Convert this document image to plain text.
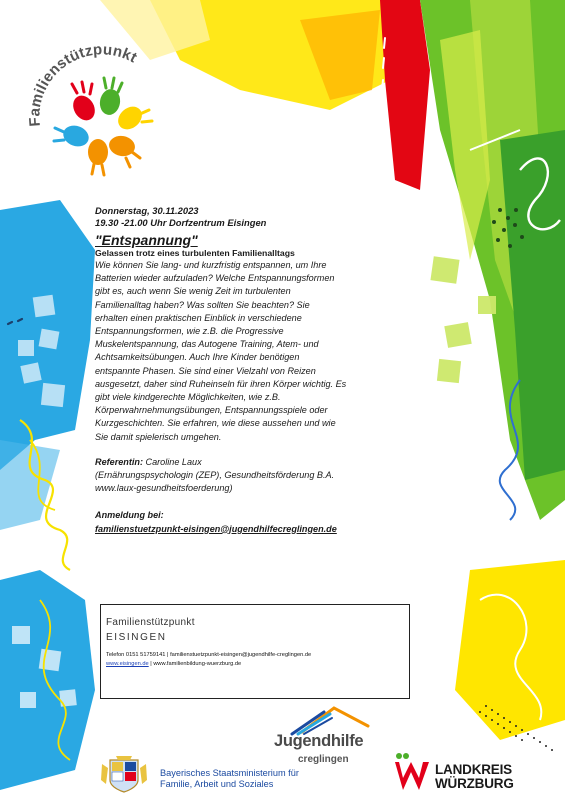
Familienstützpunkt

Donnerstag, 30.11.2023

19.30 -21.00 Uhr Dorfzentrum Eisingen

"Entspannung"

Gelassen trotz eines turbulenten Familienalltags

Wie können Sie lang- und kurzfristig entspannen, um Ihre

Batterien wieder aufzuladen? Welche Entspannungsformen

gibt es, auch wenn Sie wenig Zeit im turbulenten

Familienalltag haben? Was sollten Sie beachten? Sie

erhalten einen praktischen Einblick in verschiedene

Entspannungsformen, wie z.B. die Progressive

Muskelentspannung, das Autogene Training, Atem- und

Achtsamkeitsübungen. Auch Ihre Kinder benötigen

entspannte Phasen. Sie sind einer Vielzahl von Reizen

ausgesetzt, daher sind Ruheinseln für ihren Körper wichtig. Es

gibt viele kindgerechte Möglichkeiten, wie z.B.

Körperwahrnehmungsübungen, Entspannungsspiele oder

Kurzgeschichten. Sie erfahren, wie diese aussehen und wie

Sie damit spielerisch umgehen.

Referentin: Caroline Laux

(Ernährungspsychologin (ZEP), Gesundheitsförderung B.A.

www.laux-gesundheitsfoerderung)

Anmeldung bei:

familienstuetzpunkt-eisingen@jugendhilfecreglingen.de

Familienstützpunkt
EISINGEN
Telefon 0151 51759141 | familienstuetzpunkt-eisingen@jugendhilfe-creglingen.de
www.eisingen.de | www.familienbildung-wuerzburg.de
Jugendhilfe
creglingen
Bayerisches Staatsministerium für
Familie, Arbeit und Soziales
LANDKREIS
WÜRZBURG
